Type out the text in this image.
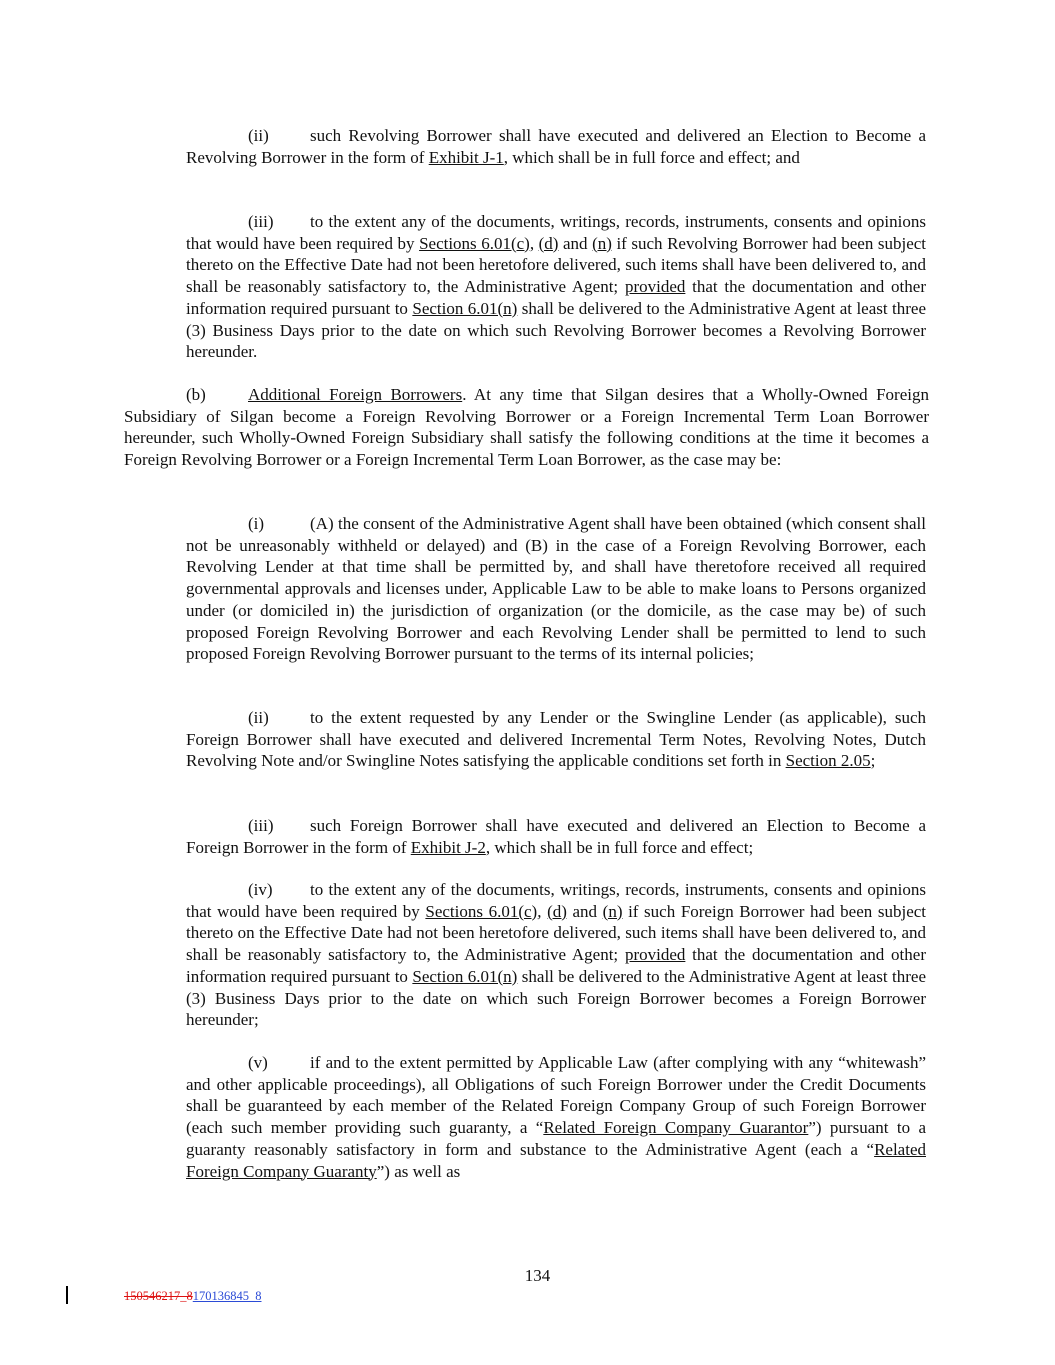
(ii) such Revolving Borrower shall have executed and delivered an Election to Become a Revolving Borrower in the form of Exhibit J-1, which shall be in full force and effect; and

(iii) to the extent any of the documents, writings, records, instruments, consents and opinions that would have been required by Sections 6.01(c), (d) and (n) if such Revolving Borrower had been subject thereto on the Effective Date had not been heretofore delivered, such items shall have been delivered to, and shall be reasonably satisfactory to, the Administrative Agent; provided that the documentation and other information required pursuant to Section 6.01(n) shall be delivered to the Administrative Agent at least three (3) Business Days prior to the date on which such Revolving Borrower becomes a Revolving Borrower hereunder.

(b) Additional Foreign Borrowers. At any time that Silgan desires that a Wholly-Owned Foreign Subsidiary of Silgan become a Foreign Revolving Borrower or a Foreign Incremental Term Loan Borrower hereunder, such Wholly-Owned Foreign Subsidiary shall satisfy the following conditions at the time it becomes a Foreign Revolving Borrower or a Foreign Incremental Term Loan Borrower, as the case may be:

(i)	(A) the consent of the Administrative Agent shall have been obtained (which consent shall not be unreasonably withheld or delayed) and (B) in the case of a Foreign Revolving Borrower, each Revolving Lender at that time shall be permitted by, and shall have theretofore received all required governmental approvals and licenses under, Applicable Law to be able to make loans to Persons organized under (or domiciled in) the jurisdiction of organization (or the domicile, as the case may be) of such proposed Foreign Revolving Borrower and each Revolving Lender shall be permitted to lend to such proposed Foreign Revolving Borrower pursuant to the terms of its internal policies;

(ii) to the extent requested by any Lender or the Swingline Lender (as applicable), such Foreign Borrower shall have executed and delivered Incremental Term Notes, Revolving Notes, Dutch Revolving Note and/or Swingline Notes satisfying the applicable conditions set forth in Section 2.05;

(iii) such Foreign Borrower shall have executed and delivered an Election to Become a Foreign Borrower in the form of Exhibit J-2, which shall be in full force and effect;

(iv) to the extent any of the documents, writings, records, instruments, consents and opinions that would have been required by Sections 6.01(c), (d) and (n) if such Foreign Borrower had been subject thereto on the Effective Date had not been heretofore delivered, such items shall have been delivered to, and shall be reasonably satisfactory to, the Administrative Agent; provided that the documentation and other information required pursuant to Section 6.01(n) shall be delivered to the Administrative Agent at least three (3) Business Days prior to the date on which such Foreign Borrower becomes a Foreign Borrower hereunder;

(v) if and to the extent permitted by Applicable Law (after complying with any “whitewash” and other applicable proceedings), all Obligations of such Foreign Borrower under the Credit Documents shall be guaranteed by each member of the Related Foreign Company Group of such Foreign Borrower (each such member providing such guaranty, a “Related Foreign Company Guarantor”) pursuant to a guaranty reasonably satisfactory in form and substance to the Administrative Agent (each a “Related Foreign Company Guaranty”) as well as

134
150546217_8170136845_8
